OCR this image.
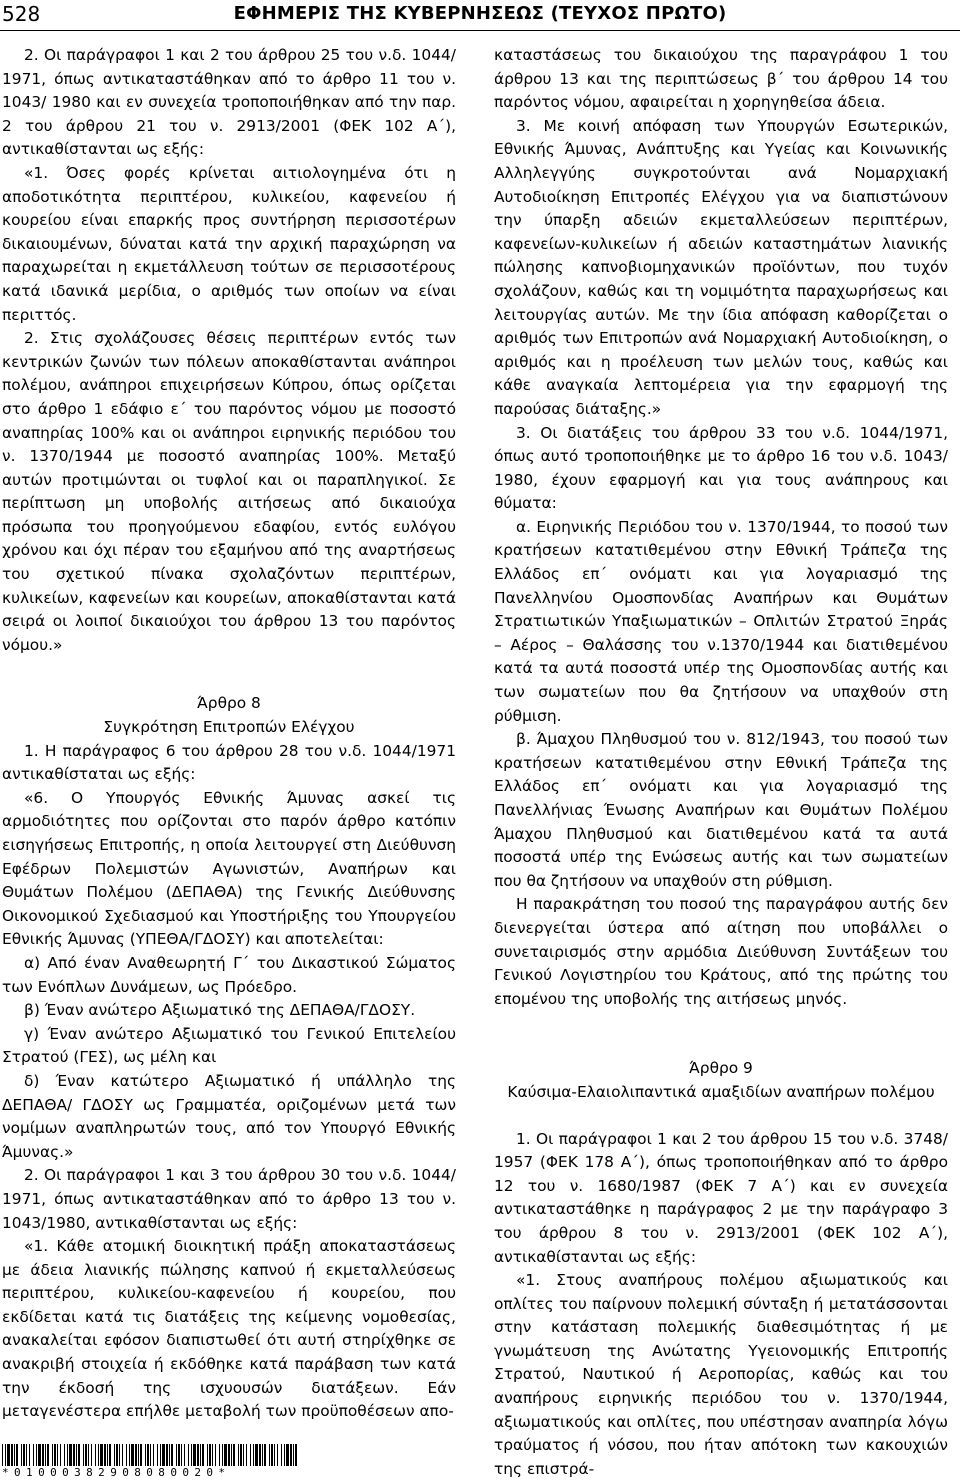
528	ΕΦΗΜΕΡΙΣ ΤΗΣ ΚΥΒΕΡΝΗΣΕΩΣ (ΤΕΥΧΟΣ ΠΡΩΤΟ)

2. Οι παράγραφοι 1 και 2 του άρθρου 25 του ν.δ. 1044/ 1971, όπως αντικαταστάθηκαν από το άρθρο 11 του ν. 1043/ 1980 και εν συνεχεία τροποποιήθηκαν από την παρ. 2 του άρθρου 21 του ν. 2913/2001 (ΦΕΚ 102 Α΄), αντικαθίστανται ως εξής:

«1. Όσες φορές κρίνεται αιτιολογημένα ότι η αποδοτικότητα περιπτέρου, κυλικείου, καφενείου ή κουρείου είναι επαρκής προς συντήρηση περισσοτέρων δικαιουμένων, δύναται κατά την αρχική παραχώρηση να παραχωρείται η εκμετάλλευση τούτων σε περισσοτέρους κατά ιδανικά μερίδια, ο αριθμός των οποίων να είναι περιττός.

2. Στις σχολάζουσες θέσεις περιπτέρων εντός των κεντρικών ζωνών των πόλεων αποκαθίστανται ανάπηροι πολέμου, ανάπηροι επιχειρήσεων Κύπρου, όπως ορίζεται στο άρθρο 1 εδάφιο ε΄ του παρόντος νόμου με ποσοστό αναπηρίας 100% και οι ανάπηροι ειρηνικής περιόδου του ν. 1370/1944 με ποσοστό αναπηρίας 100%. Μεταξύ αυτών προτιμώνται οι τυφλοί και οι παραπληγικοί. Σε περίπτωση μη υποβολής αιτήσεως από δικαιούχα πρόσωπα του προηγούμενου εδαφίου, εντός ευλόγου χρόνου και όχι πέραν του εξαμήνου από της αναρτήσεως του σχετικού πίνακα σχολαζόντων περιπτέρων, κυλικείων, καφενείων και κουρείων, αποκαθίστανται κατά σειρά οι λοιποί δικαιούχοι του άρθρου 13 του παρόντος νόμου.»

Άρθρο 8

Συγκρότηση Επιτροπών Ελέγχου

1. Η παράγραφος 6 του άρθρου 28 του ν.δ. 1044/1971 αντικαθίσταται ως εξής:

«6. Ο Υπουργός Εθνικής Άμυνας ασκεί τις αρμοδιότητες που ορίζονται στο παρόν άρθρο κατόπιν εισηγήσεως Επιτροπής, η οποία λειτουργεί στη Διεύθυνση Εφέδρων Πολεμιστών Αγωνιστών, Αναπήρων και Θυμάτων Πολέμου (ΔΕΠΑΘΑ) της Γενικής Διεύθυνσης Οικονομικού Σχεδιασμού και Υποστήριξης του Υπουργείου Εθνικής Άμυνας (ΥΠΕΘΑ/ΓΔΟΣΥ) και αποτελείται:

α) Από έναν Αναθεωρητή Γ΄ του Δικαστικού Σώματος των Ενόπλων Δυνάμεων, ως Πρόεδρο.

β) Έναν ανώτερο Αξιωματικό της ΔΕΠΑΘΑ/ΓΔΟΣΥ.

γ) Έναν ανώτερο Αξιωματικό του Γενικού Επιτελείου Στρατού (ΓΕΣ), ως μέλη και

δ) Έναν κατώτερο Αξιωματικό ή υπάλληλο της ΔΕΠΑΘΑ/ ΓΔΟΣΥ ως Γραμματέα, οριζομένων μετά των νομίμων αναπληρωτών τους, από τον Υπουργό Εθνικής Άμυνας.»

2. Οι παράγραφοι 1 και 3 του άρθρου 30 του ν.δ. 1044/ 1971, όπως αντικαταστάθηκαν από το άρθρο 13 του ν. 1043/1980, αντικαθίστανται ως εξής:

«1. Κάθε ατομική διοικητική πράξη αποκαταστάσεως με άδεια λιανικής πώλησης καπνού ή εκμεταλλεύσεως περιπτέρου, κυλικείου-καφενείου ή κουρείου, που εκδίδεται κατά τις διατάξεις της κείμενης νομοθεσίας, ανακαλείται εφόσον διαπιστωθεί ότι αυτή στηρίχθηκε σε ανακριβή στοιχεία ή εκδόθηκε κατά παράβαση των κατά την έκδοσή της ισχυουσών διατάξεων. Εάν μεταγενέστερα επήλθε μεταβολή των προϋποθέσεων απο-

καταστάσεως του δικαιούχου της παραγράφου 1 του άρθρου 13 και της περιπτώσεως β΄ του άρθρου 14 του παρόντος νόμου, αφαιρείται η χορηγηθείσα άδεια.

3. Με κοινή απόφαση των Υπουργών Εσωτερικών, Εθνικής Άμυνας, Ανάπτυξης και Υγείας και Κοινωνικής Αλληλεγγύης συγκροτούνται ανά Νομαρχιακή Αυτοδιοίκηση Επιτροπές Ελέγχου για να διαπιστώνουν την ύπαρξη αδειών εκμεταλλεύσεων περιπτέρων, καφενείων-κυλικείων ή αδειών καταστημάτων λιανικής πώλησης καπνοβιομηχανικών προϊόντων, που τυχόν σχολάζουν, καθώς και τη νομιμότητα παραχωρήσεως και λειτουργίας αυτών. Με την ίδια απόφαση καθορίζεται ο αριθμός των Επιτροπών ανά Νομαρχιακή Αυτοδιοίκηση, ο αριθμός και η προέλευση των μελών τους, καθώς και κάθε αναγκαία λεπτομέρεια για την εφαρμογή της παρούσας διάταξης.»

3. Οι διατάξεις του άρθρου 33 του ν.δ. 1044/1971, όπως αυτό τροποποιήθηκε με το άρθρο 16 του ν.δ. 1043/ 1980, έχουν εφαρμογή και για τους ανάπηρους και θύματα:

α. Ειρηνικής Περιόδου του ν. 1370/1944, το ποσού των κρατήσεων κατατιθεμένου στην Εθνική Τράπεζα της Ελλάδος επ΄ ονόματι και για λογαριασμό της Πανελληνίου Ομοσπονδίας Αναπήρων και Θυμάτων Στρατιωτικών Υπαξιωματικών – Οπλιτών Στρατού Ξηράς – Αέρος – Θαλάσσης του ν.1370/1944 και διατιθεμένου κατά τα αυτά ποσοστά υπέρ της Ομοσπονδίας αυτής και των σωματείων που θα ζητήσουν να υπαχθούν στη ρύθμιση.

β. Άμαχου Πληθυσμού του ν. 812/1943, του ποσού των κρατήσεων κατατιθεμένου στην Εθνική Τράπεζα της Ελλάδος επ΄ ονόματι και για λογαριασμό της Πανελλήνιας Ένωσης Αναπήρων και Θυμάτων Πολέμου Άμαχου Πληθυσμού και διατιθεμένου κατά τα αυτά ποσοστά υπέρ της Ενώσεως αυτής και των σωματείων που θα ζητήσουν να υπαχθούν στη ρύθμιση.

Η παρακράτηση του ποσού της παραγράφου αυτής δεν διενεργείται ύστερα από αίτηση που υποβάλλει ο συνεταιρισμός στην αρμόδια Διεύθυνση Συντάξεων του Γενικού Λογιστηρίου του Κράτους, από της πρώτης του επομένου της υποβολής της αιτήσεως μηνός.

Άρθρο 9

Καύσιμα-Ελαιολιπαντικά αμαξιδίων αναπήρων πολέμου

1. Οι παράγραφοι 1 και 2 του άρθρου 15 του ν.δ. 3748/ 1957 (ΦΕΚ 178 Α΄), όπως τροποποιήθηκαν από το άρθρο 12 του ν. 1680/1987 (ΦΕΚ 7 Α΄) και εν συνεχεία αντικαταστάθηκε η παράγραφος 2 με την παράγραφο 3 του άρθρου 8 του ν. 2913/2001 (ΦΕΚ 102 Α΄), αντικαθίστανται ως εξής:

«1. Στους αναπήρους πολέμου αξιωματικούς και οπλίτες του παίρνουν πολεμική σύνταξη ή μετατάσσονται στην κατάσταση πολεμικής διαθεσιμότητας ή με γνωμάτευση της Ανώτατης Υγειονομικής Επιτροπής Στρατού, Ναυτικού ή Αεροπορίας, καθώς και του αναπήρους ειρηνικής περιόδου του ν. 1370/1944, αξιωματικούς και οπλίτες, που υπέστησαν αναπηρία λόγω τραύματος ή νόσου, που ήταν απότοκη των κακουχιών της επιστρά-

*01000382908080020*
